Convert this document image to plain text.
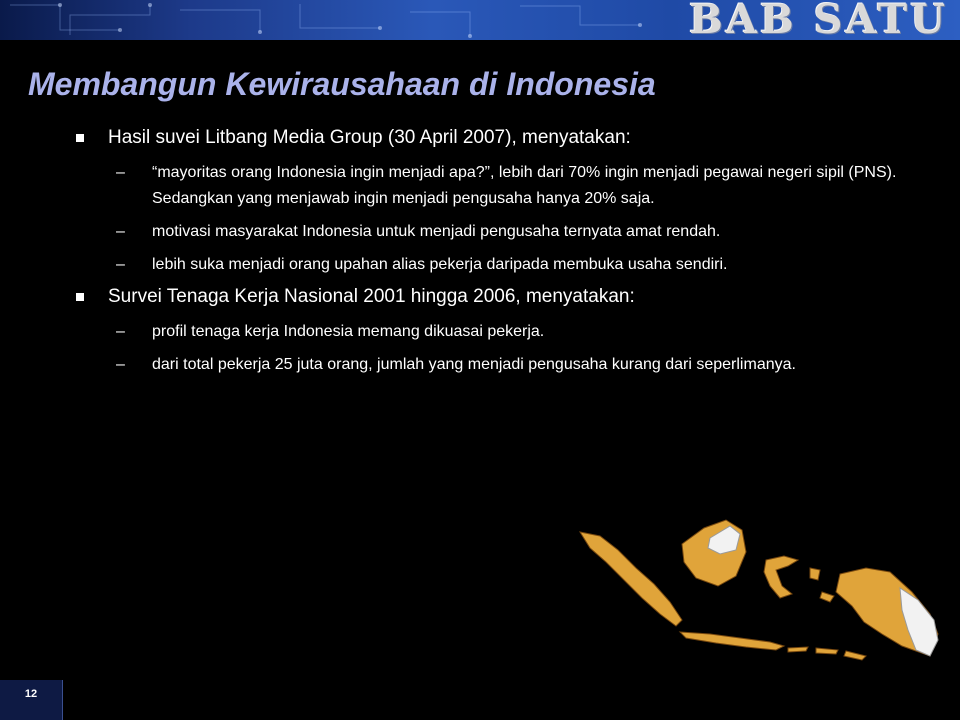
BAB SATU
Membangun Kewirausahaan di Indonesia
Hasil suvei Litbang Media Group (30 April 2007), menyatakan:
– “mayoritas orang Indonesia ingin menjadi apa?”, lebih dari 70% ingin menjadi pegawai negeri sipil (PNS). Sedangkan yang menjawab ingin menjadi pengusaha hanya 20% saja.
– motivasi masyarakat Indonesia untuk menjadi pengusaha ternyata amat rendah.
– lebih suka menjadi orang upahan alias pekerja daripada membuka usaha sendiri.
Survei Tenaga Kerja Nasional 2001 hingga 2006, menyatakan:
– profil tenaga kerja Indonesia memang dikuasai pekerja.
– dari total pekerja 25 juta orang, jumlah yang menjadi pengusaha kurang dari seperlimanya.
12
